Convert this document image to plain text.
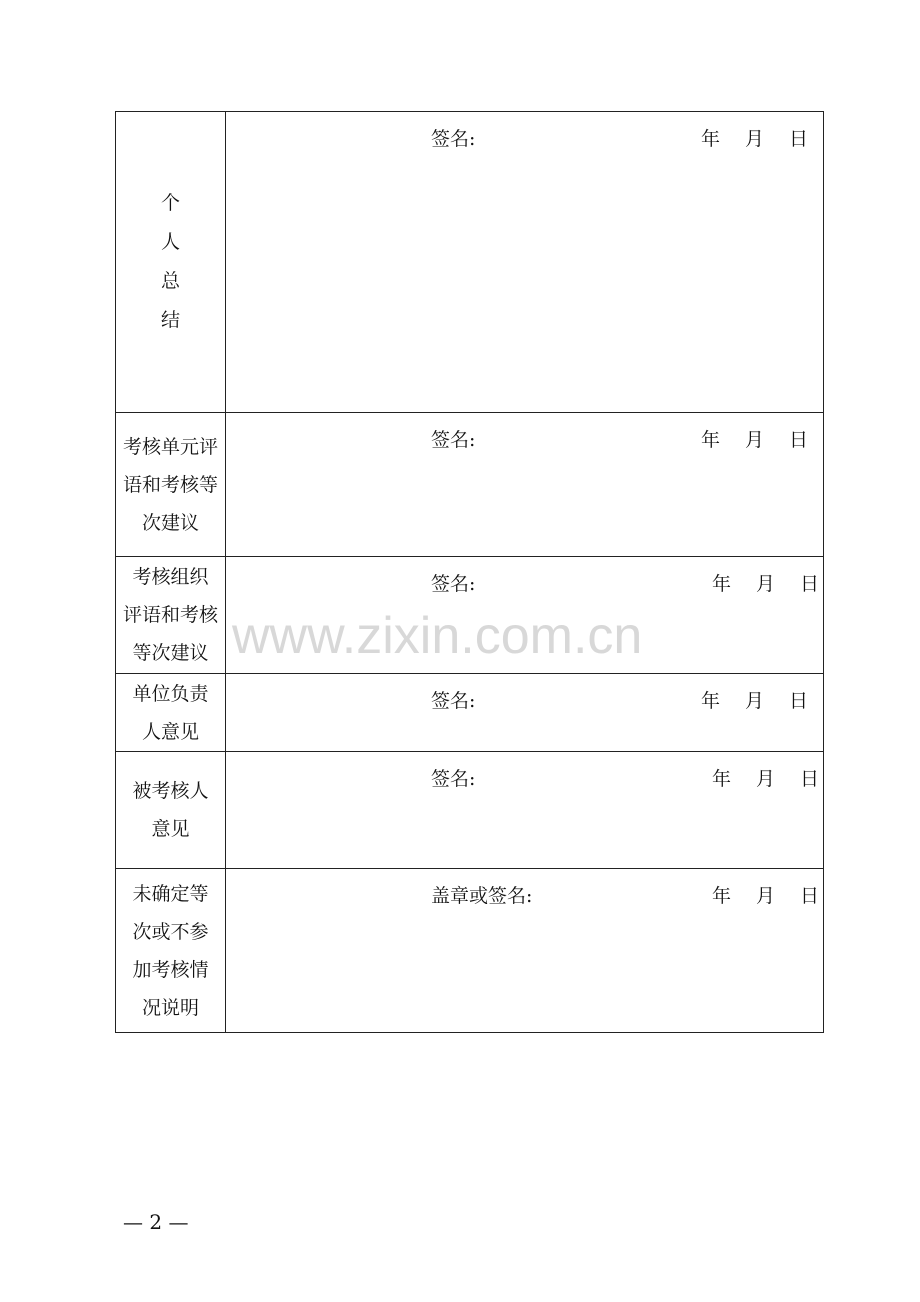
个
人
总
结
签名:	年 月 日
考核单元评
语和考核等
次建议
签名:	年 月 日
考核组织
评语和考核
等次建议
签名:	年 月 日
单位负责
人意见
签名:	年 月 日
被考核人
意见
签名:	年 月 日
未确定等
次或不参
加考核情
况说明
盖章或签名:	年 月 日
www.zixin.com.cn
— 2 —
